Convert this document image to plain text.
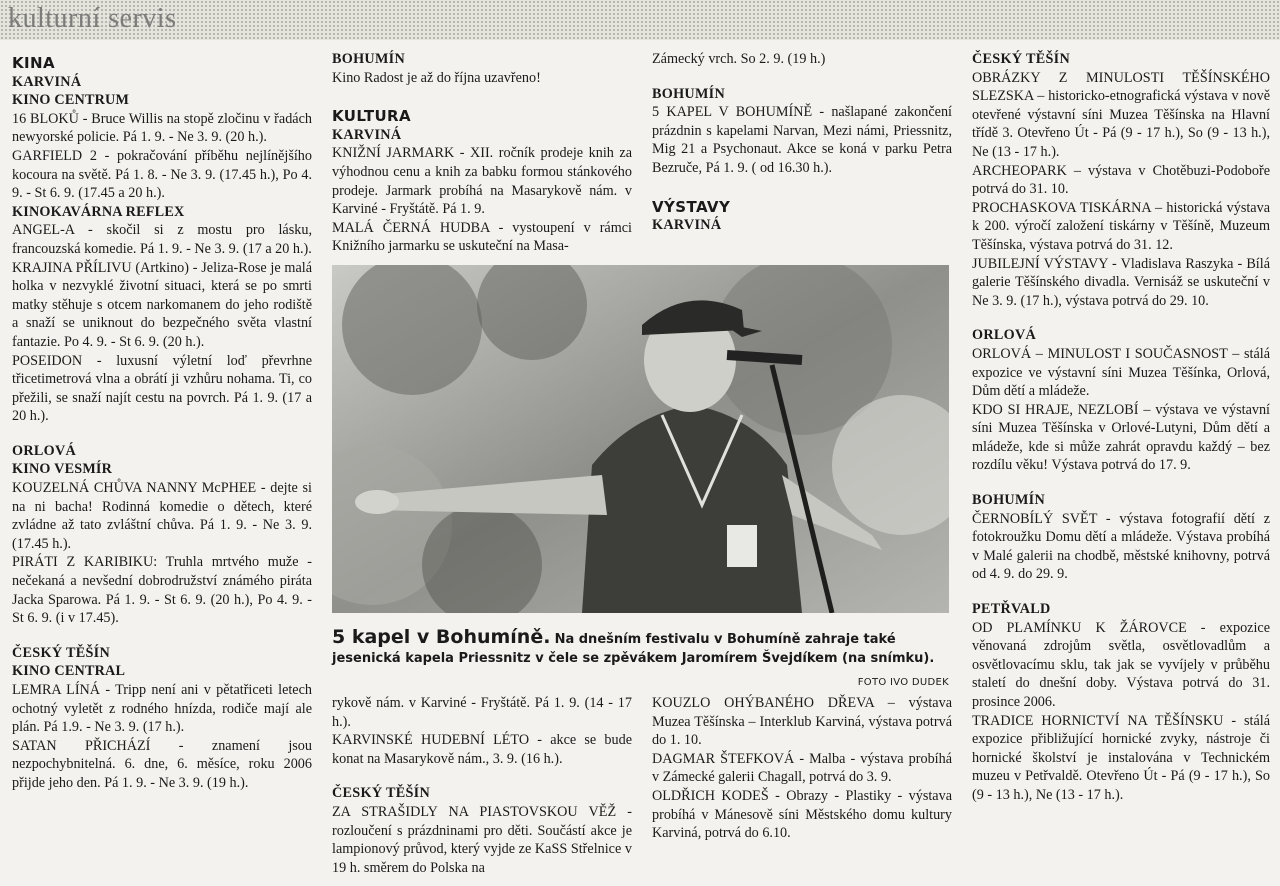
kulturní servis

KINA

KARVINÁ

KINO CENTRUM

16 BLOKŮ - Bruce Willis na stopě zločinu v řadách newyorské policie. Pá 1. 9. - Ne 3. 9. (20 h.).

GARFIELD 2 - pokračování příběhu nejlínějšího kocoura na světě. Pá 1. 8. - Ne 3. 9. (17.45 h.), Po 4. 9. - St 6. 9. (17.45 a 20 h.).

KINOKAVÁRNA REFLEX

ANGEL-A - skočil si z mostu pro lásku, francouzská komedie. Pá 1. 9. - Ne 3. 9. (17 a 20 h.).

KRAJINA PŘÍLIVU (Artkino) - Jeliza-Rose je malá holka v nezvyklé životní situaci, která se po smrti matky stěhuje s otcem narkomanem do jeho rodiště a snaží se uniknout do bezpečného světa vlastní fantazie. Po 4. 9. - St 6. 9. (20 h.).

POSEIDON - luxusní výletní loď převrhne třicetimetrová vlna a obrátí ji vzhůru nohama. Ti, co přežili, se snaží najít cestu na povrch. Pá 1. 9. (17 a 20 h.).

ORLOVÁ

KINO VESMÍR

KOUZELNÁ CHŮVA NANNY McPHEE - dejte si na ni bacha! Rodinná komedie o dětech, které zvládne až tato zvláštní chůva. Pá 1. 9. - Ne 3. 9. (17.45 h.).

PIRÁTI Z KARIBIKU: Truhla mrtvého muže - nečekaná a nevšední dobrodružství známého piráta Jacka Sparowa. Pá 1. 9. - St 6. 9. (20 h.), Po 4. 9. - St 6. 9. (i v 17.45).

ČESKÝ TĚŠÍN

KINO CENTRAL

LEMRA LÍNÁ - Tripp není ani v pětatřiceti letech ochotný vyletět z rodného hnízda, rodiče mají ale plán. Pá 1.9. - Ne 3. 9. (17 h.).

SATAN PŘICHÁZÍ - znamení jsou nezpochybnitelná. 6. dne, 6. měsíce, roku 2006 přijde jeho den. Pá 1. 9. - Ne 3. 9. (19 h.).

BOHUMÍN

Kino Radost je až do října uzavřeno!

KULTURA

KARVINÁ

KNIŽNÍ JARMARK - XII. ročník prodeje knih za výhodnou cenu a knih za babku formou stánkového prodeje. Jarmark probíhá na Masarykově nám. v Karviné - Fryštátě. Pá 1. 9.

MALÁ ČERNÁ HUDBA - vystoupení v rámci Knižního jarmarku se uskuteční na Masa-

Zámecký vrch. So 2. 9. (19 h.)

BOHUMÍN

5 KAPEL V BOHUMÍNĚ - našlapané zakončení prázdnin s kapelami Narvan, Mezi námi, Priessnitz, Mig 21 a Psychonaut. Akce se koná v parku Petra Bezruče, Pá 1. 9. ( od 16.30 h.).

VÝSTAVY

KARVINÁ

5 kapel v Bohumíně. Na dnešním festivalu v Bohumíně zahraje také jesenická kapela Priessnitz v čele se zpěvákem Jaromírem Švejdíkem (na snímku).
FOTO IVO DUDEK

rykově nám. v Karviné - Fryštátě. Pá 1. 9. (14 - 17 h.).

KARVINSKÉ HUDEBNÍ LÉTO - akce se bude konat na Masarykově nám., 3. 9. (16 h.).

ČESKÝ TĚŠÍN

ZA STRAŠIDLY NA PIASTOVSKOU VĚŽ - rozloučení s prázdninami pro děti. Součástí akce je lampionový průvod, který vyjde ze KaSS Střelnice v 19 h. směrem do Polska na

KOUZLO OHÝBANÉHO DŘEVA – výstava Muzea Těšínska – Interklub Karviná, výstava potrvá do 1. 10.

DAGMAR ŠTEFKOVÁ - Malba - výstava probíhá v Zámecké galerii Chagall, potrvá do 3. 9.

OLDŘICH KODEŠ - Obrazy - Plastiky - výstava probíhá v Mánesově síni Městského domu kultury Karviná, potrvá do 6.10.

ČESKÝ TĚŠÍN

OBRÁZKY Z MINULOSTI TĚŠÍNSKÉHO SLEZSKA – historicko-etnografická výstava v nově otevřené výstavní síni Muzea Těšínska na Hlavní třídě 3. Otevřeno Út - Pá (9 - 17 h.), So (9 - 13 h.), Ne (13 - 17 h.).

ARCHEOPARK – výstava v Chotěbuzi-Podoboře potrvá do 31. 10.

PROCHASKOVA TISKÁRNA – historická výstava k 200. výročí založení tiskárny v Těšíně, Muzeum Těšínska, výstava potrvá do 31. 12.

JUBILEJNÍ VÝSTAVY - Vladislava Raszyka - Bílá galerie Těšínského divadla. Vernisáž se uskuteční v Ne 3. 9. (17 h.), výstava potrvá do 29. 10.

ORLOVÁ

ORLOVÁ – MINULOST I SOUČASNOST – stálá expozice ve výstavní síni Muzea Těšínka, Orlová, Dům dětí a mládeže.

KDO SI HRAJE, NEZLOBÍ – výstava ve výstavní síni Muzea Těšínska v Orlové-Lutyni, Dům dětí a mládeže, kde si může zahrát opravdu každý – bez rozdílu věku! Výstava potrvá do 17. 9.

BOHUMÍN

ČERNOBÍLÝ SVĚT - výstava fotografií dětí z fotokroužku Domu dětí a mládeže. Výstava probíhá v Malé galerii na chodbě, městské knihovny, potrvá od 4. 9. do 29. 9.

PETŘVALD

OD PLAMÍNKU K ŽÁROVCE - expozice věnovaná zdrojům světla, osvětlovadlům a osvětlovacímu sklu, tak jak se vyvíjely v průběhu staletí do dnešní doby. Výstava potrvá do 31. prosince 2006.

TRADICE HORNICTVÍ NA TĚŠÍNSKU - stálá expozice přibližující hornické zvyky, nástroje či hornické školství je instalována v Technickém muzeu v Petřvaldě. Otevřeno Út - Pá (9 - 17 h.), So (9 - 13 h.), Ne (13 - 17 h.).
